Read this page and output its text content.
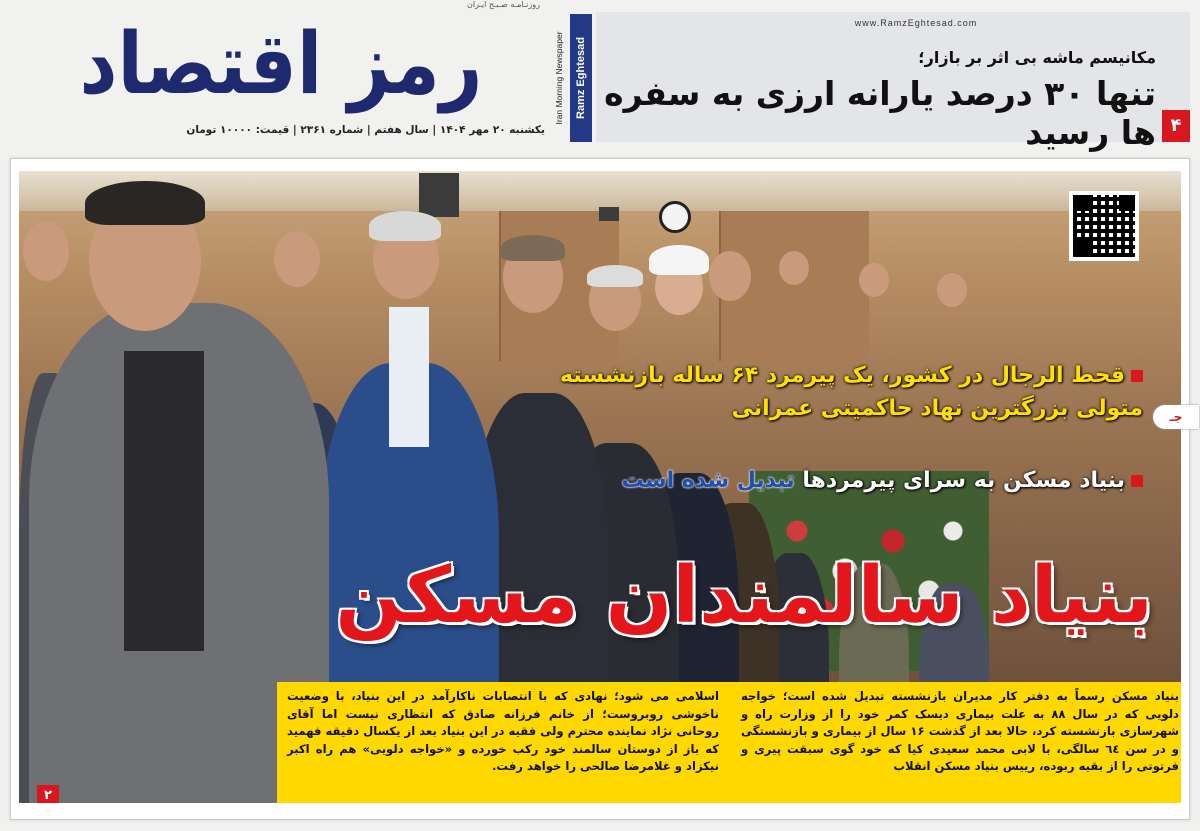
روزنـامـه صـبـح ایـران
رمز اقتصاد	Iran Morning Newspaper Ramz Eghtesad
یکشنبه ۲۰ مهر ۱۴۰۴ | سال هفتم | شماره ۲۳۶۱ | قیمت: ۱۰۰۰۰ تومان
www.RamzEghtesad.com
مکانیسم ماشه بی اثر بر بازار؛
تنها ۳۰ درصد یارانه ارزی به سفره ها رسید ۴
قحط الرجال در کشور، یک پیرمرد ۶۴ ساله بازنشسته
متولی بزرگترین نهاد حاکمیتی عمرانی
بنیاد مسکن به سرای پیرمردها تبدیل شده است
بنیاد سالمندان مسکن
بنیاد مسکن رسماً به دفتر کار مدیران بازنشسته تبدیل شده است؛ خواجه دلویی که در سال ۸۸ به علت بیماری دیسک کمر خود را از وزارت راه و شهرسازی بازنشسته کرد، حالا بعد از گذشت ۱۶ سال از بیماری و بازنشستگی و در سن ٦٤ سالگی، با لابی محمد سعیدی کیا که خود گوی سبقت پیری و فرتوتی را از بقیه ربوده، رییس بنیاد مسکن انقلاب
اسلامی می شود؛ نهادی که با انتصابات ناکارآمد در این بنیاد، با وضعیت ناخوشی روبروست؛ از خانم فرزانه صادق که انتظاری نیست اما آقای روحانی نژاد نماینده محترم ولی فقیه در این بنیاد بعد از یکسال دقیقه فهمید که باز از دوستان سالمند خود رکب خورده و «خواجه دلویی» هم راه اکبر نیکزاد و غلامرضا صالحی را خواهد رفت.
۲
جـ
